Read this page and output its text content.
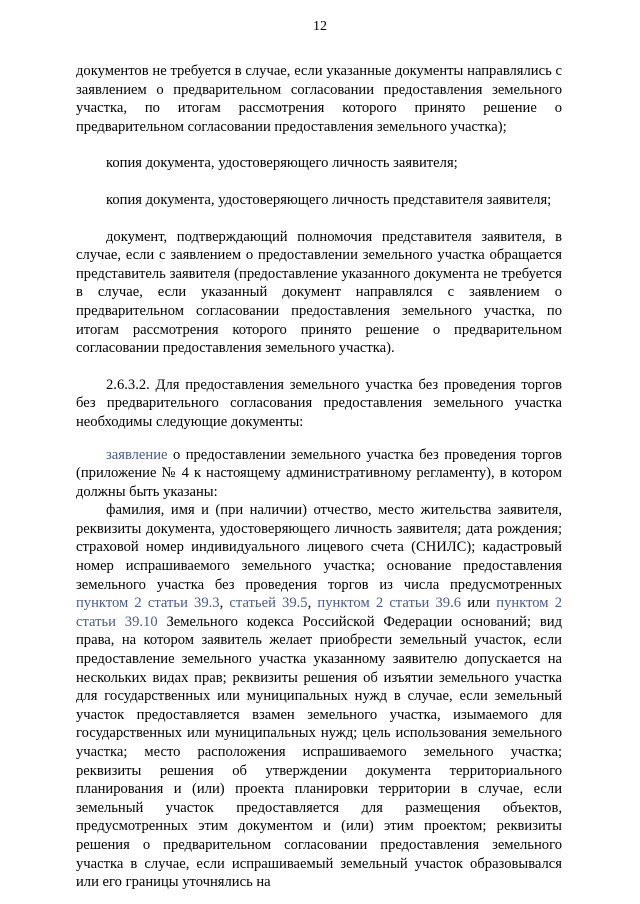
12

документов не требуется в случае, если указанные документы направлялись с заявлением о предварительном согласовании предоставления земельного участка, по итогам рассмотрения которого принято решение о предварительном согласовании предоставления земельного участка);

копия документа, удостоверяющего личность заявителя;

копия документа, удостоверяющего личность представителя заявителя;

документ, подтверждающий полномочия представителя заявителя, в случае, если с заявлением о предоставлении земельного участка обращается представитель заявителя (предоставление указанного документа не требуется в случае, если указанный документ направлялся с заявлением о предварительном согласовании предоставления земельного участка, по итогам рассмотрения которого принято решение о предварительном согласовании предоставления земельного участка).

2.6.3.2. Для предоставления земельного участка без проведения торгов без предварительного согласования предоставления земельного участка необходимы следующие документы:

заявление о предоставлении земельного участка без проведения торгов (приложение № 4 к настоящему административному регламенту), в котором должны быть указаны:

фамилия, имя и (при наличии) отчество, место жительства заявителя, реквизиты документа, удостоверяющего личность заявителя; дата рождения; страховой номер индивидуального лицевого счета (СНИЛС); кадастровый номер испрашиваемого земельного участка; основание предоставления земельного участка без проведения торгов из числа предусмотренных пунктом 2 статьи 39.3, статьей 39.5, пунктом 2 статьи 39.6 или пунктом 2 статьи 39.10 Земельного кодекса Российской Федерации оснований; вид права, на котором заявитель желает приобрести земельный участок, если предоставление земельного участка указанному заявителю допускается на нескольких видах прав; реквизиты решения об изъятии земельного участка для государственных или муниципальных нужд в случае, если земельный участок предоставляется взамен земельного участка, изымаемого для государственных или муниципальных нужд; цель использования земельного участка; место расположения испрашиваемого земельного участка; реквизиты решения об утверждении документа территориального планирования и (или) проекта планировки территории в случае, если земельный участок предоставляется для размещения объектов, предусмотренных этим документом и (или) этим проектом; реквизиты решения о предварительном согласовании предоставления земельного участка в случае, если испрашиваемый земельный участок образовывался или его границы уточнялись на
